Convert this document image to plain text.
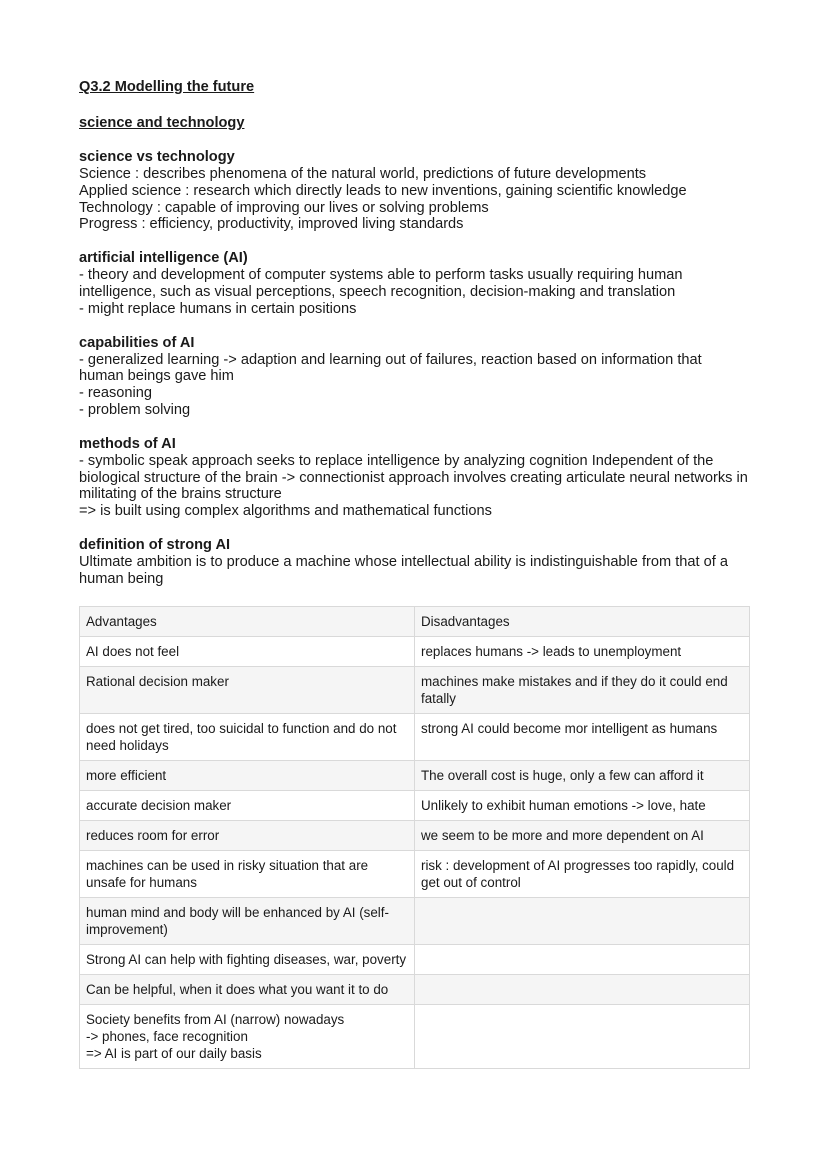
Q3.2 Modelling the future
science and technology
science vs technology

Science : describes phenomena of the natural world, predictions of future developments

Applied science : research which directly leads to new inventions, gaining scientific knowledge

Technology : capable of improving our lives or solving problems

Progress : efficiency, productivity, improved living standards

artificial intelligence (AI)

- theory and development of computer systems able to perform tasks usually requiring human intelligence, such as visual perceptions, speech recognition, decision-making and translation

- might replace humans in certain positions

capabilities of AI

- generalized learning -> adaption and learning out of failures, reaction based on information that human beings gave him

- reasoning

- problem solving

methods of AI

- symbolic speak approach seeks to replace intelligence by analyzing cognition Independent of the biological structure of the brain -> connectionist approach involves creating articulate neural networks in militating of the brains structure

=> is built using complex algorithms and mathematical functions

definition of strong AI

Ultimate ambition is to produce a machine whose intellectual ability is indistinguishable from that of a human being

Advantages	Disadvantages
AI does not feel	replaces humans -> leads to unemployment
Rational decision maker	machines make mistakes and if they do it could end fatally
does not get tired, too suicidal to function and do not need holidays	strong AI could become mor intelligent as humans
more efficient	The overall cost is huge, only a few can afford it
accurate decision maker	Unlikely to exhibit human emotions -> love, hate
reduces room for error	we seem to be more and more dependent on AI
machines can be used in risky situation that are unsafe for humans	risk : development of AI progresses too rapidly, could get out of control
human mind and body will be enhanced by AI (self-improvement)	
Strong AI can help with fighting diseases, war, poverty	
Can be helpful, when it does what you want it to do	
Society benefits from AI (narrow) nowadays
-> phones, face recognition
=> AI is part of our daily basis	
